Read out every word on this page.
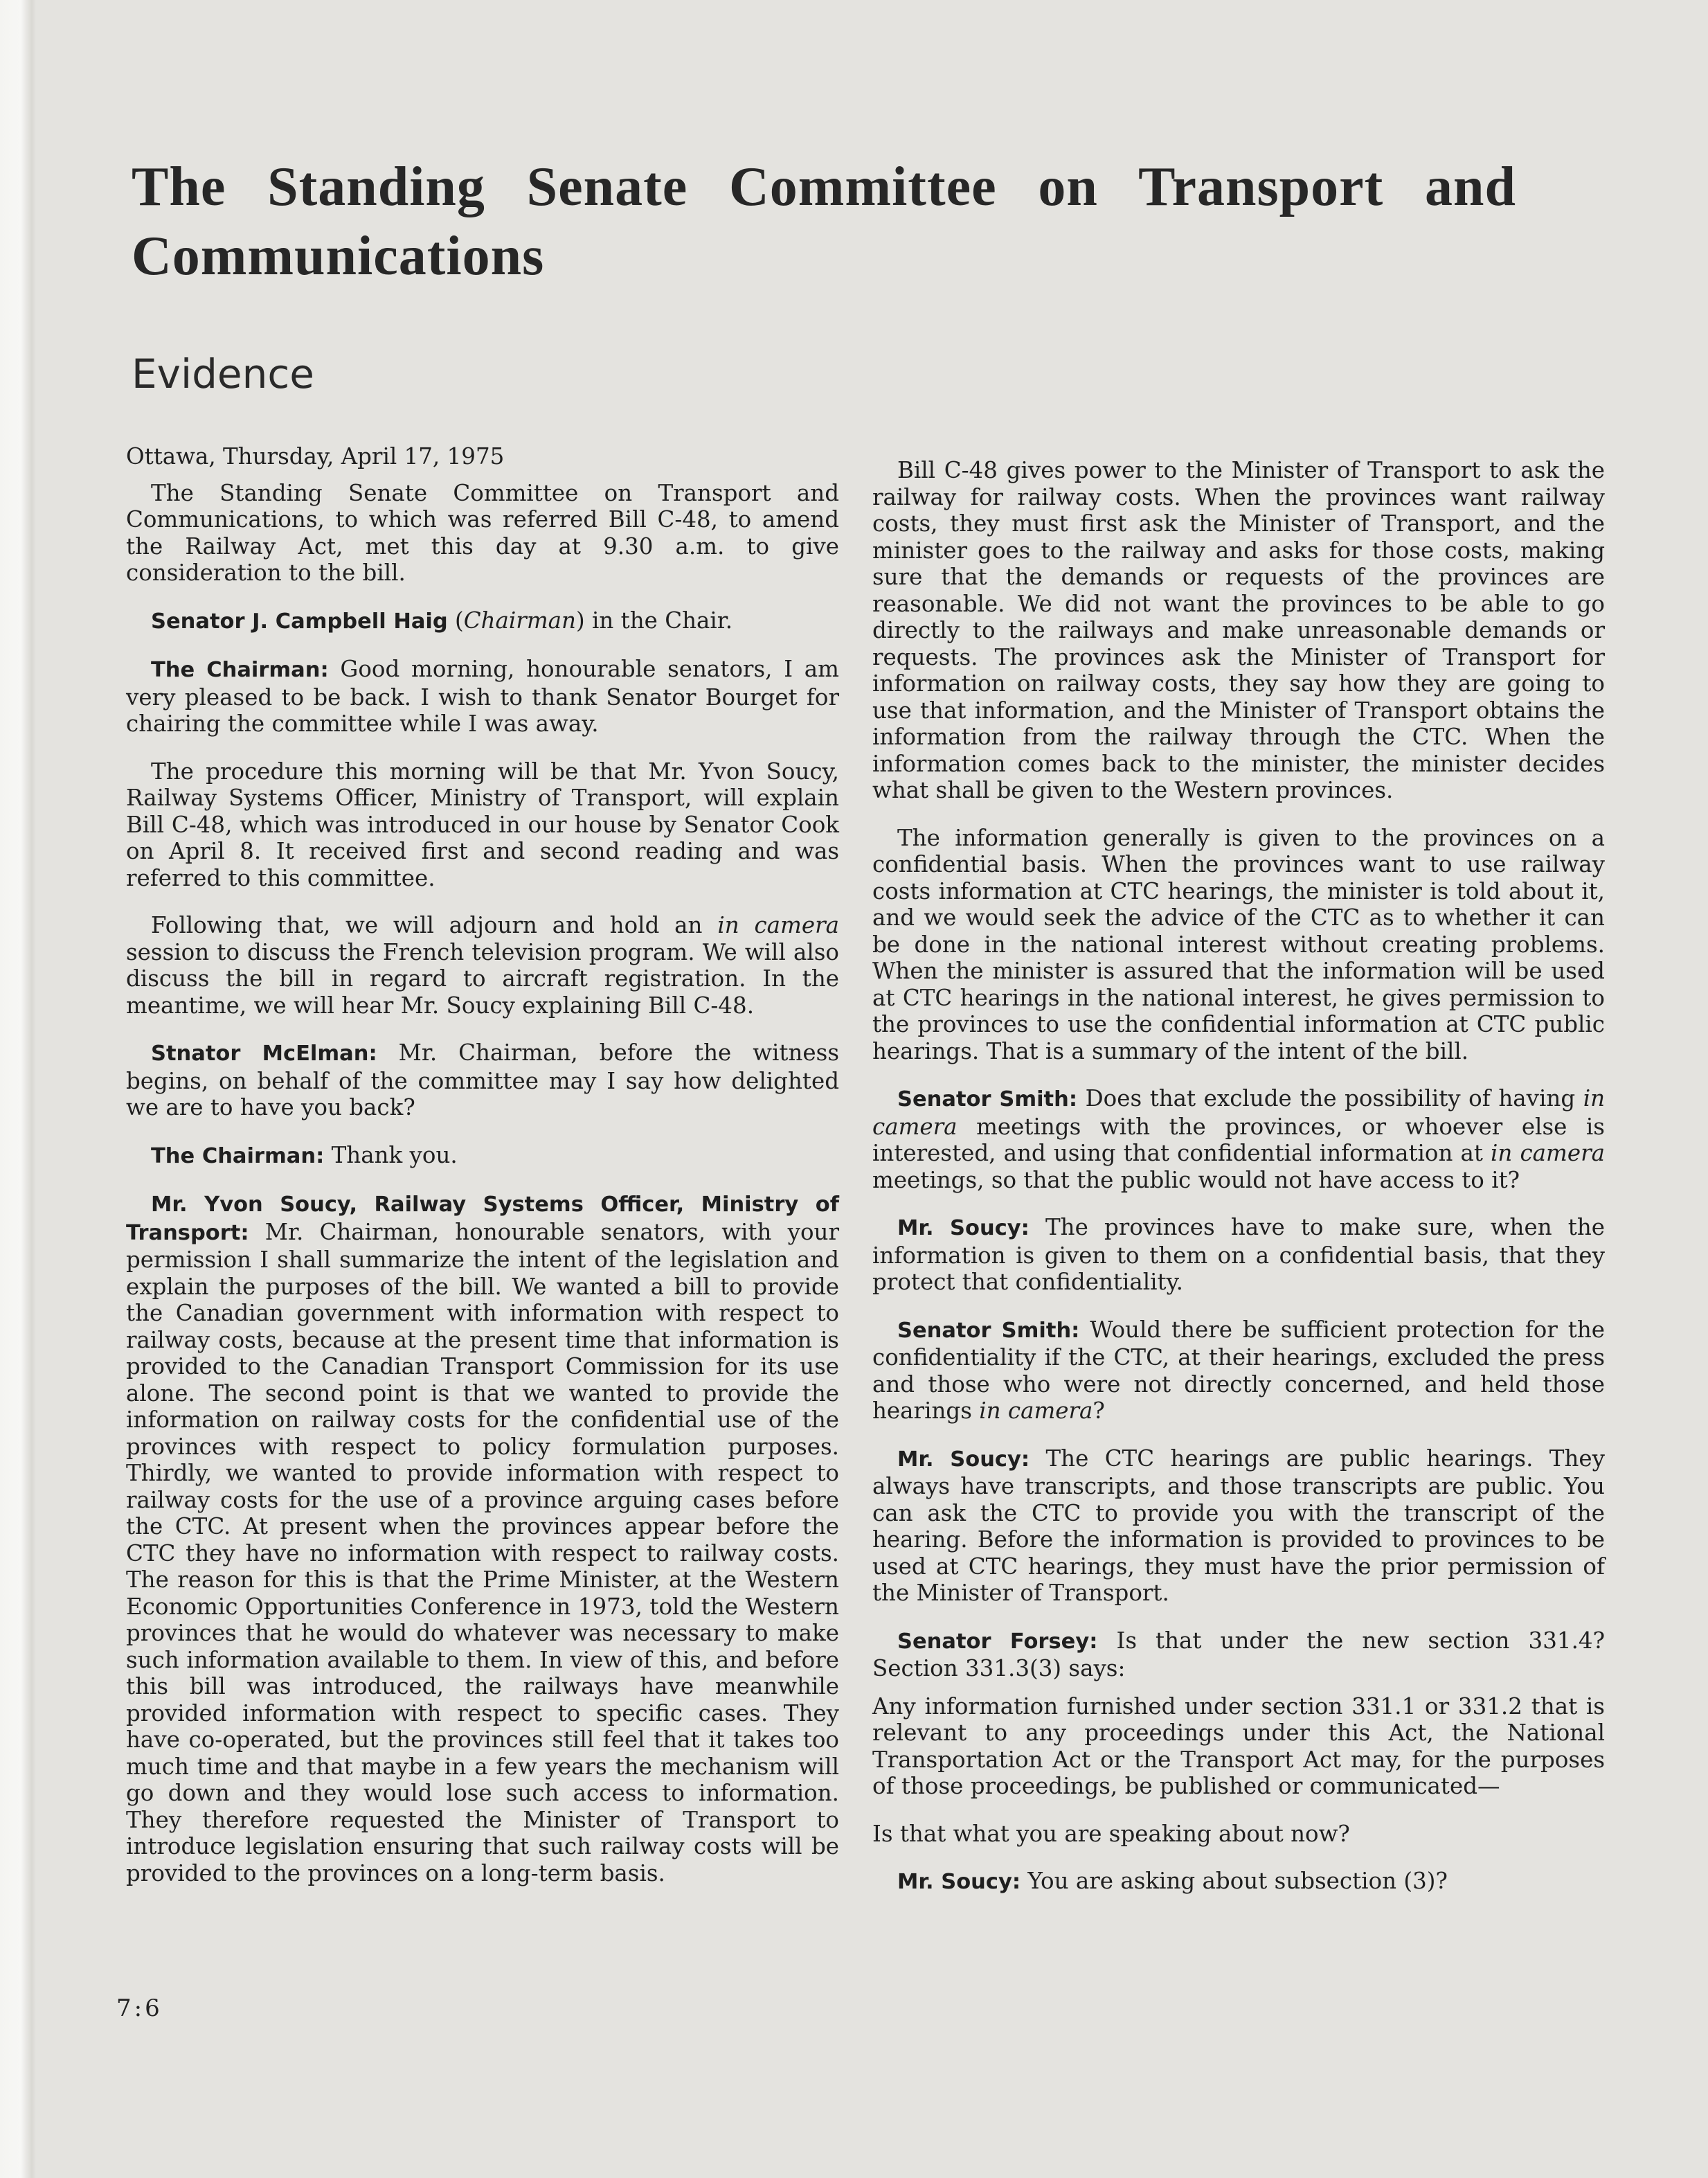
The Standing Senate Committee on Transport and Communications
Evidence

Ottawa, Thursday, April 17, 1975

The Standing Senate Committee on Transport and Communications, to which was referred Bill C-48, to amend the Railway Act, met this day at 9.30 a.m. to give consideration to the bill.

Senator J. Campbell Haig (Chairman) in the Chair.

The Chairman: Good morning, honourable senators, I am very pleased to be back. I wish to thank Senator Bourget for chairing the committee while I was away.

The procedure this morning will be that Mr. Yvon Soucy, Railway Systems Officer, Ministry of Transport, will explain Bill C-48, which was introduced in our house by Senator Cook on April 8. It received first and second reading and was referred to this committee.

Following that, we will adjourn and hold an in camera session to discuss the French television program. We will also discuss the bill in regard to aircraft registration. In the meantime, we will hear Mr. Soucy explaining Bill C-48.

Stnator McElman: Mr. Chairman, before the witness begins, on behalf of the committee may I say how delighted we are to have you back?

The Chairman: Thank you.

Mr. Yvon Soucy, Railway Systems Officer, Ministry of Transport: Mr. Chairman, honourable senators, with your permission I shall summarize the intent of the legislation and explain the purposes of the bill. We wanted a bill to provide the Canadian government with information with respect to railway costs, because at the present time that information is provided to the Canadian Transport Commission for its use alone. The second point is that we wanted to provide the information on railway costs for the confidential use of the provinces with respect to policy formulation purposes. Thirdly, we wanted to provide information with respect to railway costs for the use of a province arguing cases before the CTC. At present when the provinces appear before the CTC they have no information with respect to railway costs. The reason for this is that the Prime Minister, at the Western Economic Opportunities Conference in 1973, told the Western provinces that he would do whatever was necessary to make such information available to them. In view of this, and before this bill was introduced, the railways have meanwhile provided information with respect to specific cases. They have co-operated, but the provinces still feel that it takes too much time and that maybe in a few years the mechanism will go down and they would lose such access to information. They therefore requested the Minister of Transport to introduce legislation ensuring that such railway costs will be provided to the provinces on a long-term basis.

Bill C-48 gives power to the Minister of Transport to ask the railway for railway costs. When the provinces want railway costs, they must first ask the Minister of Transport, and the minister goes to the railway and asks for those costs, making sure that the demands or requests of the provinces are reasonable. We did not want the provinces to be able to go directly to the railways and make unreasonable demands or requests. The provinces ask the Minister of Transport for information on railway costs, they say how they are going to use that information, and the Minister of Transport obtains the information from the railway through the CTC. When the information comes back to the minister, the minister decides what shall be given to the Western provinces.

The information generally is given to the provinces on a confidential basis. When the provinces want to use railway costs information at CTC hearings, the minister is told about it, and we would seek the advice of the CTC as to whether it can be done in the national interest without creating problems. When the minister is assured that the information will be used at CTC hearings in the national interest, he gives permission to the provinces to use the confidential information at CTC public hearings. That is a summary of the intent of the bill.

Senator Smith: Does that exclude the possibility of having in camera meetings with the provinces, or whoever else is interested, and using that confidential information at in camera meetings, so that the public would not have access to it?

Mr. Soucy: The provinces have to make sure, when the information is given to them on a confidential basis, that they protect that confidentiality.

Senator Smith: Would there be sufficient protection for the confidentiality if the CTC, at their hearings, excluded the press and those who were not directly concerned, and held those hearings in camera?

Mr. Soucy: The CTC hearings are public hearings. They always have transcripts, and those transcripts are public. You can ask the CTC to provide you with the transcript of the hearing. Before the information is provided to provinces to be used at CTC hearings, they must have the prior permission of the Minister of Transport.

Senator Forsey: Is that under the new section 331.4? Section 331.3(3) says:

Any information furnished under section 331.1 or 331.2 that is relevant to any proceedings under this Act, the National Transportation Act or the Transport Act may, for the purposes of those proceedings, be published or communicated—

Is that what you are speaking about now?

Mr. Soucy: You are asking about subsection (3)?

7:6
